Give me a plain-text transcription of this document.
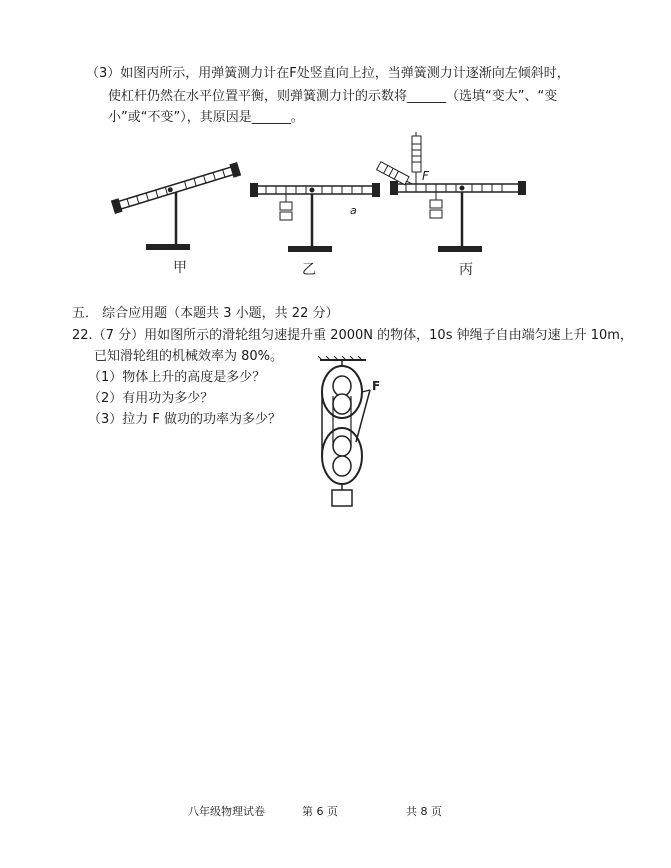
（3）如图丙所示，用弹簧测力计在F处竖直向上拉，当弹簧测力计逐渐向左倾斜时，
使杠杆仍然在水平位置平衡，则弹簧测力计的示数将______（选填“变大”、“变
小”或“不变”），其原因是______。
a
F
甲	乙	丙
五． 综合应用题（本题共 3 小题，共 22 分）
22.（7 分）用如图所示的滑轮组匀速提升重 2000N 的物体，10s 钟绳子自由端匀速上升 10m，
已知滑轮组的机械效率为 80%。
（1）物体上升的高度是多少？
（2）有用功为多少？
（3）拉力 F 做功的功率为多少？
F
八年级物理试卷	第 6 页	共 8 页
